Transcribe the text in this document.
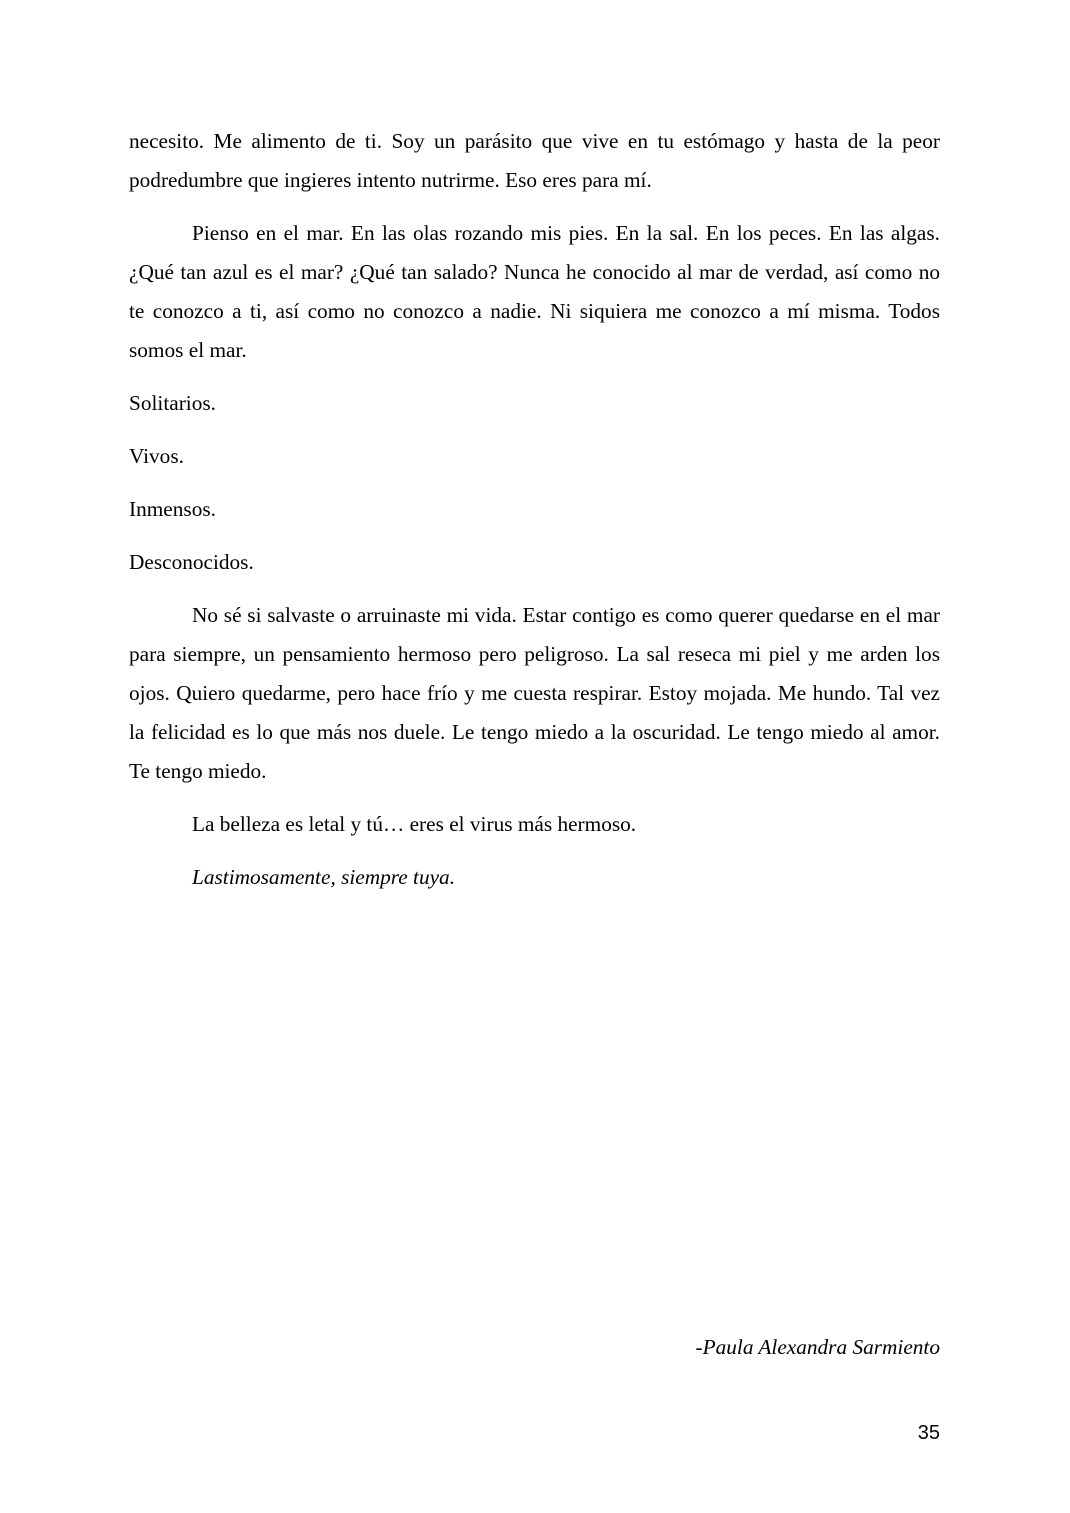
necesito. Me alimento de ti. Soy un parásito que vive en tu estómago y hasta de la peor podredumbre que ingieres intento nutrirme. Eso eres para mí.

Pienso en el mar. En las olas rozando mis pies. En la sal. En los peces. En las algas. ¿Qué tan azul es el mar? ¿Qué tan salado? Nunca he conocido al mar de verdad, así como no te conozco a ti, así como no conozco a nadie. Ni siquiera me conozco a mí misma. Todos somos el mar.

Solitarios.

Vivos.

Inmensos.

Desconocidos.

No sé si salvaste o arruinaste mi vida. Estar contigo es como querer quedarse en el mar para siempre, un pensamiento hermoso pero peligroso. La sal reseca mi piel y me arden los ojos. Quiero quedarme, pero hace frío y me cuesta respirar. Estoy mojada. Me hundo. Tal vez la felicidad es lo que más nos duele. Le tengo miedo a la oscuridad. Le tengo miedo al amor. Te tengo miedo.

La belleza es letal y tú… eres el virus más hermoso.

Lastimosamente, siempre tuya.

-Paula Alexandra Sarmiento
35
